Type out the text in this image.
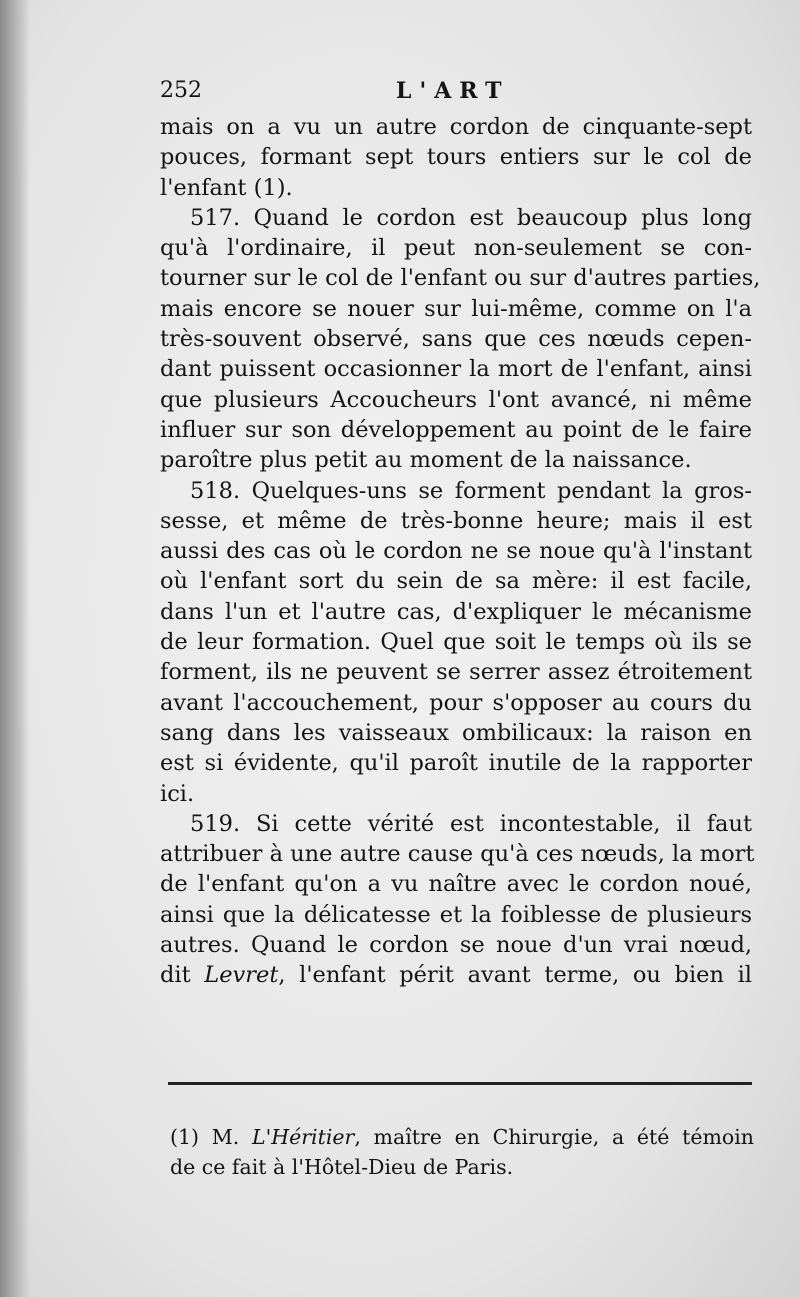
252	L'ART
mais on a vu un autre cordon de cinquante-sept
pouces, formant sept tours entiers sur le col de
l'enfant (1).
517. Quand le cordon est beaucoup plus long
qu'à l'ordinaire, il peut non-seulement se con-
tourner sur le col de l'enfant ou sur d'autres parties,
mais encore se nouer sur lui-même, comme on l'a
très-souvent observé, sans que ces nœuds cepen-
dant puissent occasionner la mort de l'enfant, ainsi
que plusieurs Accoucheurs l'ont avancé, ni même
influer sur son développement au point de le faire
paroître plus petit au moment de la naissance.
518. Quelques-uns se forment pendant la gros-
sesse, et même de très-bonne heure; mais il est
aussi des cas où le cordon ne se noue qu'à l'instant
où l'enfant sort du sein de sa mère: il est facile,
dans l'un et l'autre cas, d'expliquer le mécanisme
de leur formation. Quel que soit le temps où ils se
forment, ils ne peuvent se serrer assez étroitement
avant l'accouchement, pour s'opposer au cours du
sang dans les vaisseaux ombilicaux: la raison en
est si évidente, qu'il paroît inutile de la rapporter
ici.
519. Si cette vérité est incontestable, il faut
attribuer à une autre cause qu'à ces nœuds, la mort
de l'enfant qu'on a vu naître avec le cordon noué,
ainsi que la délicatesse et la foiblesse de plusieurs
autres. Quand le cordon se noue d'un vrai nœud,
dit Levret, l'enfant périt avant terme, ou bien il
(1) M. L'Héritier, maître en Chirurgie, a été témoin
de ce fait à l'Hôtel-Dieu de Paris.
